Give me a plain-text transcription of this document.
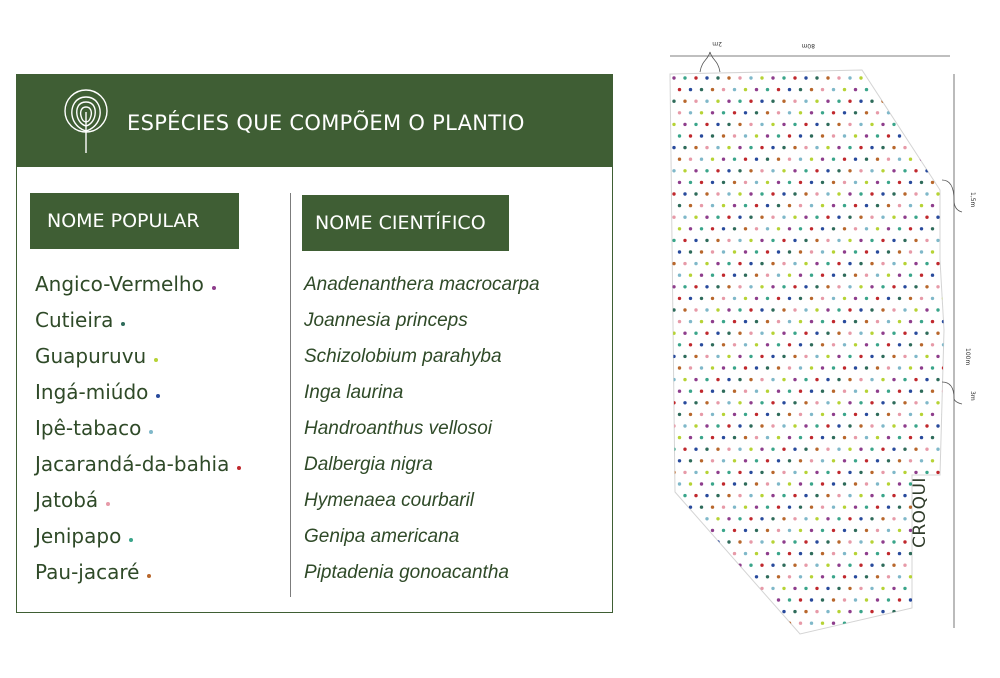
ESPÉCIES QUE COMPÕEM O PLANTIO
NOME POPULAR	NOME CIENTÍFICO
Angico-Vermelho
Cutieira
Guapuruvu
Ingá-miúdo
Ipê-tabaco
Jacarandá-da-bahia
Jatobá
Jenipapo
Pau-jacaré
Anadenanthera macrocarpa
Joannesia princeps
Schizolobium parahyba
Inga laurina
Handroanthus vellosoi
Dalbergia nigra
Hymenaea courbaril
Genipa americana
Piptadenia gonoacantha
2m	80m
1,5m
100m
3m
CROQUI
